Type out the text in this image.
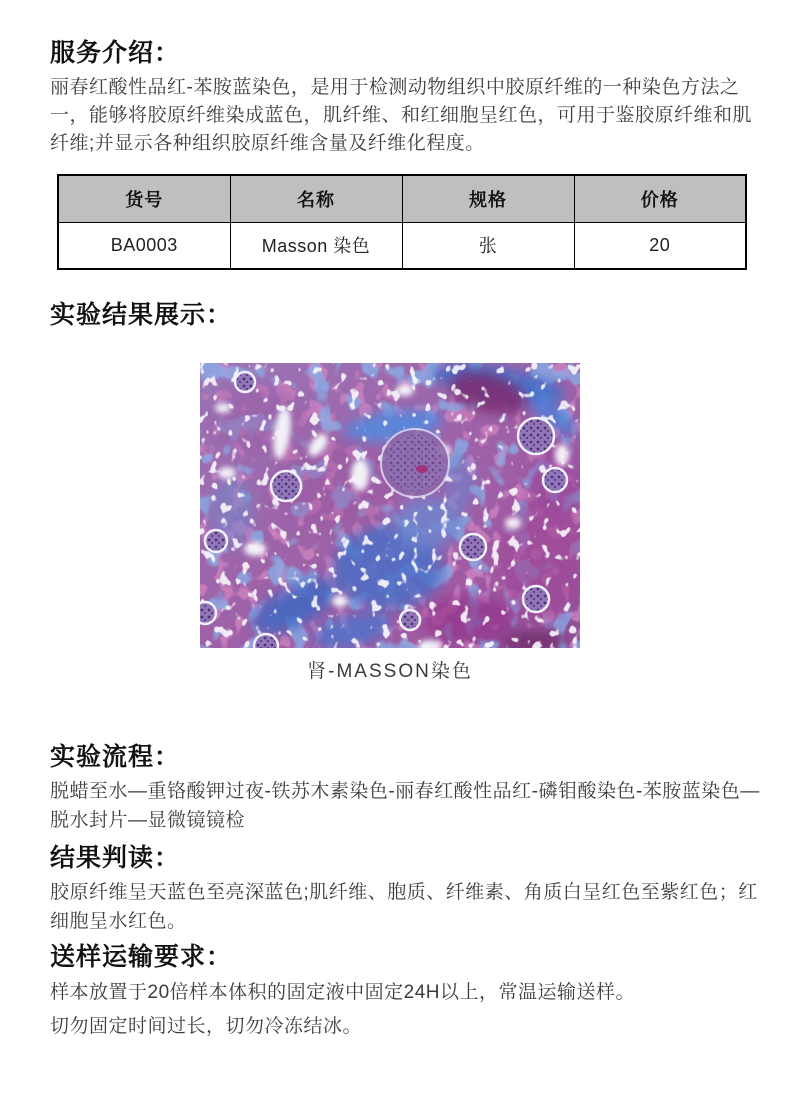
服务介绍：

丽春红酸性品红-苯胺蓝染色，是用于检测动物组织中胶原纤维的一种染色方法之一，能够将胶原纤维染成蓝色，肌纤维、和红细胞呈红色，可用于鉴胶原纤维和肌纤维;并显示各种组织胶原纤维含量及纤维化程度。

货号	名称	规格	价格
BA0003	Masson 染色	张	20
实验结果展示：
肾-MASSON染色
实验流程：

脱蜡至水—重铬酸钾过夜-铁苏木素染色-丽春红酸性品红-磷钼酸染色-苯胺蓝染色—脱水封片—显微镜镜检

结果判读：

胶原纤维呈天蓝色至亮深蓝色;肌纤维、胞质、纤维素、角质白呈红色至紫红色；红细胞呈水红色。

送样运输要求：

样本放置于20倍样本体积的固定液中固定24H以上，常温运输送样。

切勿固定时间过长，切勿冷冻结冰。
